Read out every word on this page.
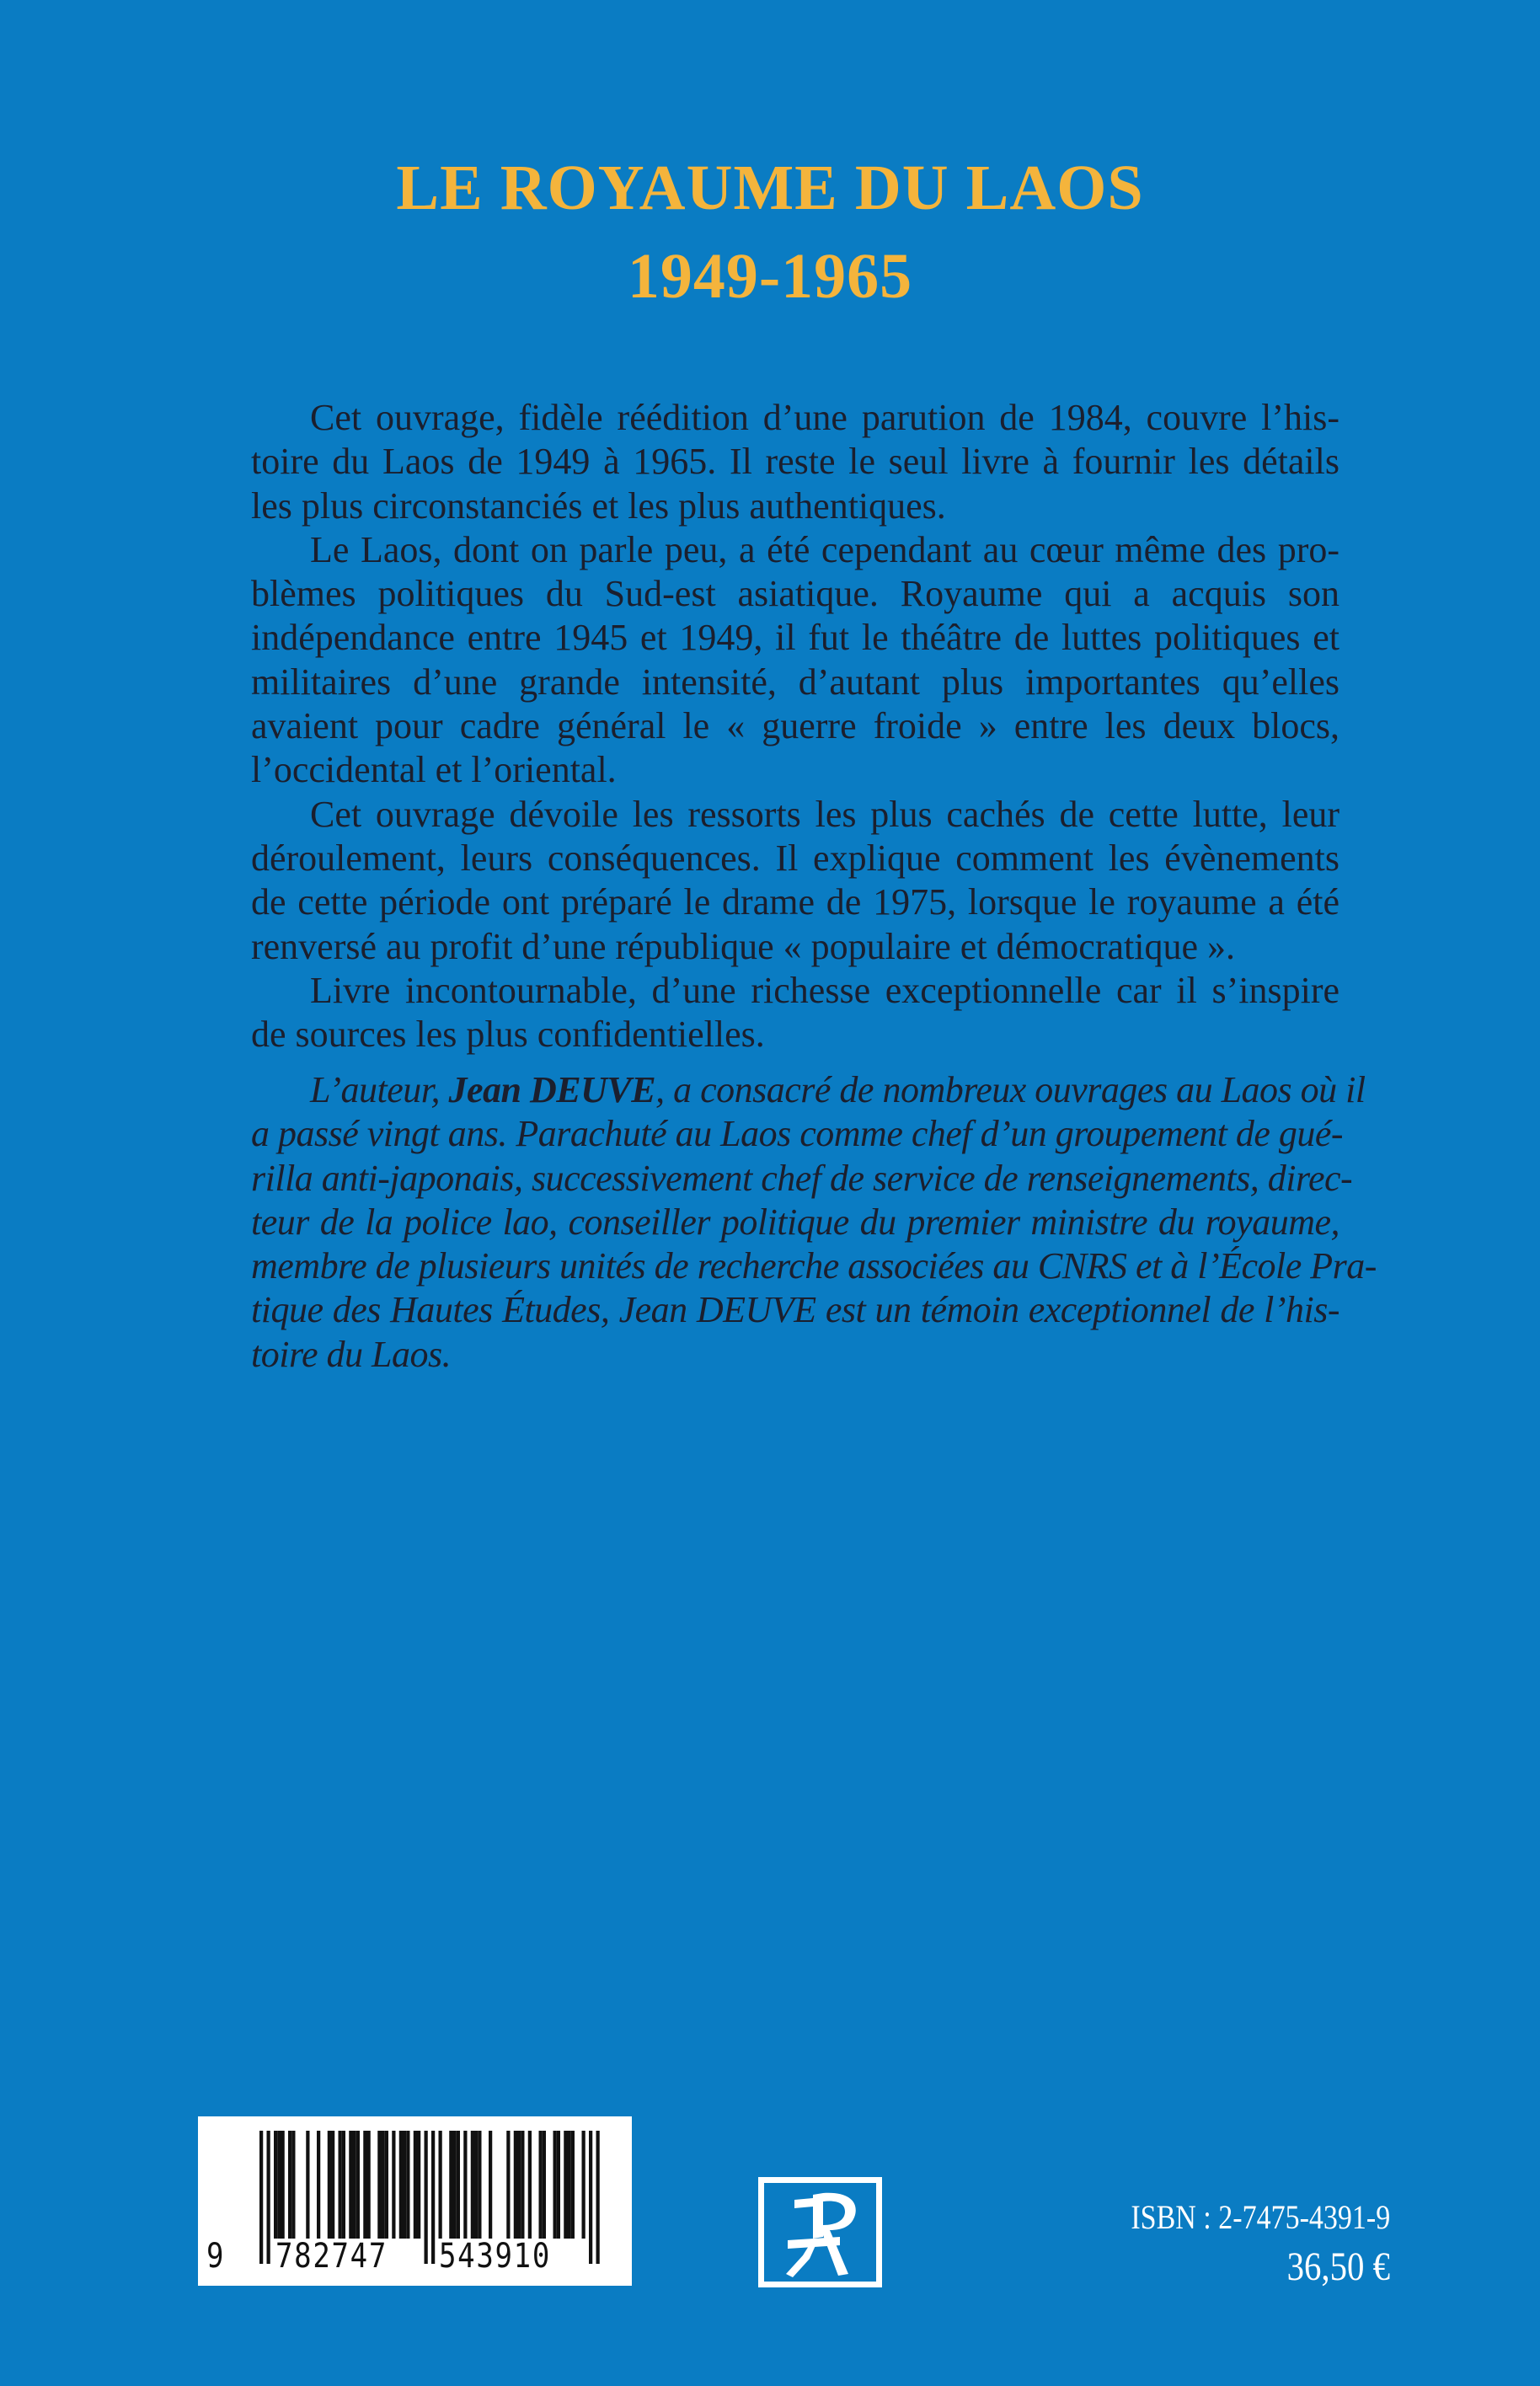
LE ROYAUME DU LAOS
1949-1965
Cet ouvrage, fidèle réédition d’une parution de 1984, couvre l’his-
toire du Laos de 1949 à 1965. Il reste le seul livre à fournir les détails
les plus circonstanciés et les plus authentiques.
Le Laos, dont on parle peu, a été cependant au cœur même des pro-
blèmes politiques du Sud-est asiatique. Royaume qui a acquis son
indépendance entre 1945 et 1949, il fut le théâtre de luttes politiques et
militaires d’une grande intensité, d’autant plus importantes qu’elles
avaient pour cadre général le « guerre froide » entre les deux blocs,
l’occidental et l’oriental.
Cet ouvrage dévoile les ressorts les plus cachés de cette lutte, leur
déroulement, leurs conséquences. Il explique comment les évènements
de cette période ont préparé le drame de 1975, lorsque le royaume a été
renversé au profit d’une république « populaire et démocratique ».
Livre incontournable, d’une richesse exceptionnelle car il s’inspire
de sources les plus confidentielles.
L’auteur, Jean DEUVE, a consacré de nombreux ouvrages au Laos où il
a passé vingt ans. Parachuté au Laos comme chef d’un groupement de gué-
rilla anti-japonais, successivement chef de service de renseignements, direc-
teur de la police lao, conseiller politique du premier ministre du royaume,
membre de plusieurs unités de recherche associées au CNRS et à l’École Pra-
tique des Hautes Études, Jean DEUVE est un témoin exceptionnel de l’his-
toire du Laos.
9 782747 543910
ISBN : 2-7475-4391-9
36,50 €
